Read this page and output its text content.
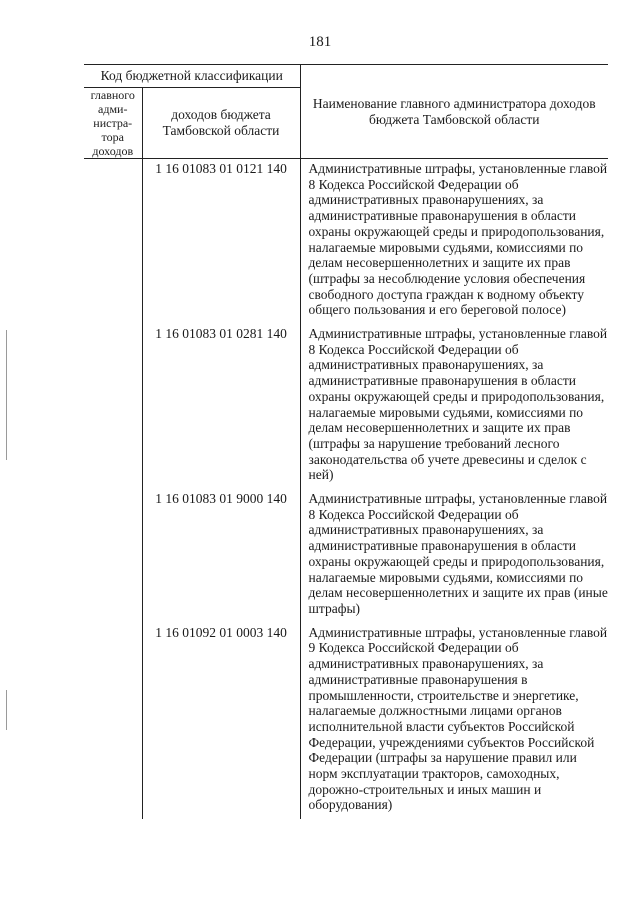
181
Код бюджетной классификации		Наименование главного администратора доходов бюджета Тамбовской области
главного адми-нистра-тора доходов	доходов бюджета Тамбовской области	
	1 16 01083 01 0121 140	Административные штрафы, установленные главой 8 Кодекса Российской Федерации об административных правонарушениях, за административные правонарушения в области охраны окружающей среды и природопользования, налагаемые мировыми судьями, комиссиями по делам несовершеннолетних и защите их прав (штрафы за несоблюдение условия обеспечения свободного доступа граждан к водному объекту общего пользования и его береговой полосе)
	1 16 01083 01 0281 140	Административные штрафы, установленные главой 8 Кодекса Российской Федерации об административных правонарушениях, за административные правонарушения в области охраны окружающей среды и природопользования, налагаемые мировыми судьями, комиссиями по делам несовершеннолетних и защите их прав (штрафы за нарушение требований лесного законодательства об учете древесины и сделок с ней)
	1 16 01083 01 9000 140	Административные штрафы, установленные главой 8 Кодекса Российской Федерации об административных правонарушениях, за административные правонарушения в области охраны окружающей среды и природопользования, налагаемые мировыми судьями, комиссиями по делам несовершеннолетних и защите их прав (иные штрафы)
	1 16 01092 01 0003 140	Административные штрафы, установленные главой 9 Кодекса Российской Федерации об административных правонарушениях, за административные правонарушения в промышленности, строительстве и энергетике, налагаемые должностными лицами органов исполнительной власти субъектов Российской Федерации, учреждениями субъектов Российской Федерации (штрафы за нарушение правил или норм эксплуатации тракторов, самоходных, дорожно-строительных и иных машин и оборудования)
